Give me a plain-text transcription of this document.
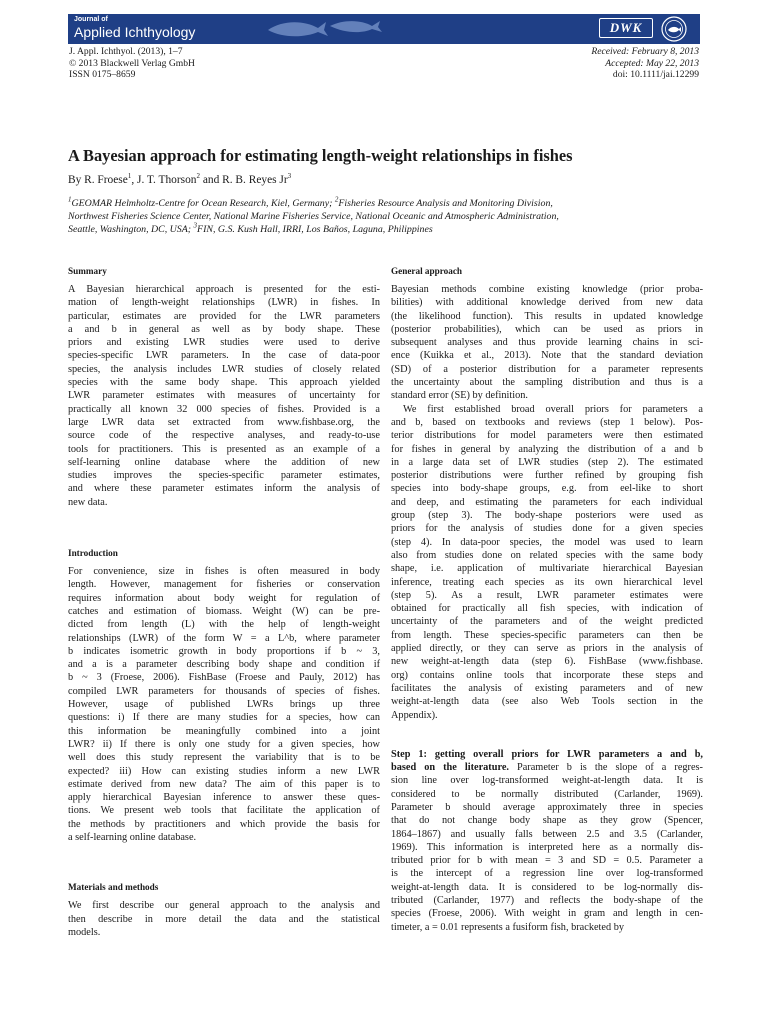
Journal of
Applied Ichthyology	DWK
J. Appl. Ichthyol. (2013), 1–7
© 2013 Blackwell Verlag GmbH
ISSN 0175–8659
Received: February 8, 2013
Accepted: May 22, 2013
doi: 10.1111/jai.12299
A Bayesian approach for estimating length-weight relationships in fishes
By R. Froese$^1$, J. T. Thorson$^2$ and R. B. Reyes Jr$^3$
$^1$GEOMAR Helmholtz-Centre for Ocean Research, Kiel, Germany; $^2$Fisheries Resource Analysis and Monitoring Division,
Northwest Fisheries Science Center, National Marine Fisheries Service, National Oceanic and Atmospheric Administration,
Seattle, Washington, DC, USA; $^3$FIN, G.S. Kush Hall, IRRI, Los Baños, Laguna, Philippines
Summary

A Bayesian hierarchical approach is presented for the esti-
mation of length-weight relationships (LWR) in fishes. In
particular, estimates are provided for the LWR parameters
a and b in general as well as by body shape. These
priors and existing LWR studies were used to derive
species-specific LWR parameters. In the case of data-poor
species, the analysis includes LWR studies of closely related
species with the same body shape. This approach yielded
LWR parameter estimates with measures of uncertainty for
practically all known 32 000 species of fishes. Provided is a
large LWR data set extracted from www.fishbase.org, the
source code of the respective analyses, and ready-to-use
tools for practitioners. This is presented as an example of a
self-learning online database where the addition of new
studies improves the species-specific parameter estimates,
and where these parameter estimates inform the analysis of
new data.

Introduction

For convenience, size in fishes is often measured in body
length. However, management for fisheries or conservation
requires information about body weight for regulation of
catches and estimation of biomass. Weight (W) can be pre-
dicted from length (L) with the help of length-weight
relationships (LWR) of the form W = a L^b, where parameter
b indicates isometric growth in body proportions if b ~ 3,
and a is a parameter describing body shape and condition if
b ~ 3 (Froese, 2006). FishBase (Froese and Pauly, 2012) has
compiled LWR parameters for thousands of species of fishes.
However, usage of published LWRs brings up three
questions: i) If there are many studies for a species, how can
this information be meaningfully combined into a joint
LWR? ii) If there is only one study for a given species, how
well does this study represent the variability that is to be
expected? iii) How can existing studies inform a new LWR
estimate derived from new data? The aim of this paper is to
apply hierarchical Bayesian inference to answer these ques-
tions. We present web tools that facilitate the application of
the methods by practitioners and which provide the basis for
a self-learning online database.

Materials and methods

We first describe our general approach to the analysis and
then describe in more detail the data and the statistical
models.

General approach

Bayesian methods combine existing knowledge (prior proba-
bilities) with additional knowledge derived from new data
(the likelihood function). This results in updated knowledge
(posterior probabilities), which can be used as priors in
subsequent analyses and thus provide learning chains in sci-
ence (Kuikka et al., 2013). Note that the standard deviation
(SD) of a posterior distribution for a parameter represents
the uncertainty about the sampling distribution and thus is a
standard error (SE) by definition.

We first established broad overall priors for parameters a
and b, based on textbooks and reviews (step 1 below). Pos-
terior distributions for model parameters were then estimated
for fishes in general by analyzing the distribution of a and b
in a large data set of LWR studies (step 2). The estimated
posterior distributions were further refined by grouping fish
species into body-shape groups, e.g. from eel-like to short
and deep, and estimating the parameters for each individual
group (step 3). The body-shape posteriors were used as
priors for the analysis of studies done for a given species
(step 4). In data-poor species, the model was used to learn
also from studies done on related species with the same body
shape, i.e. application of multivariate hierarchical Bayesian
inference, treating each species as its own hierarchical level
(step 5). As a result, LWR parameter estimates were
obtained for practically all fish species, with indication of
uncertainty of the parameters and of the weight predicted
from length. These species-specific parameters can then be
applied directly, or they can serve as priors in the analysis of
new weight-at-length data (step 6). FishBase (www.fishbase.
org) contains online tools that incorporate these steps and
facilitates the analysis of existing parameters and of new
weight-at-length data (see also Web Tools section in the
Appendix).

Step 1: getting overall priors for LWR parameters a and b,
based on the literature. Parameter b is the slope of a regres-
sion line over log-transformed weight-at-length data. It is
considered to be normally distributed (Carlander, 1969).
Parameter b should average approximately three in species
that do not change body shape as they grow (Spencer,
1864–1867) and usually falls between 2.5 and 3.5 (Carlander,
1969). This information is interpreted here as a normally dis-
tributed prior for b with mean = 3 and SD = 0.5. Parameter a
is the intercept of a regression line over log-transformed
weight-at-length data. It is considered to be log-normally dis-
tributed (Carlander, 1977) and reflects the body-shape of the
species (Froese, 2006). With weight in gram and length in cen-
timeter, a = 0.01 represents a fusiform fish, bracketed by
